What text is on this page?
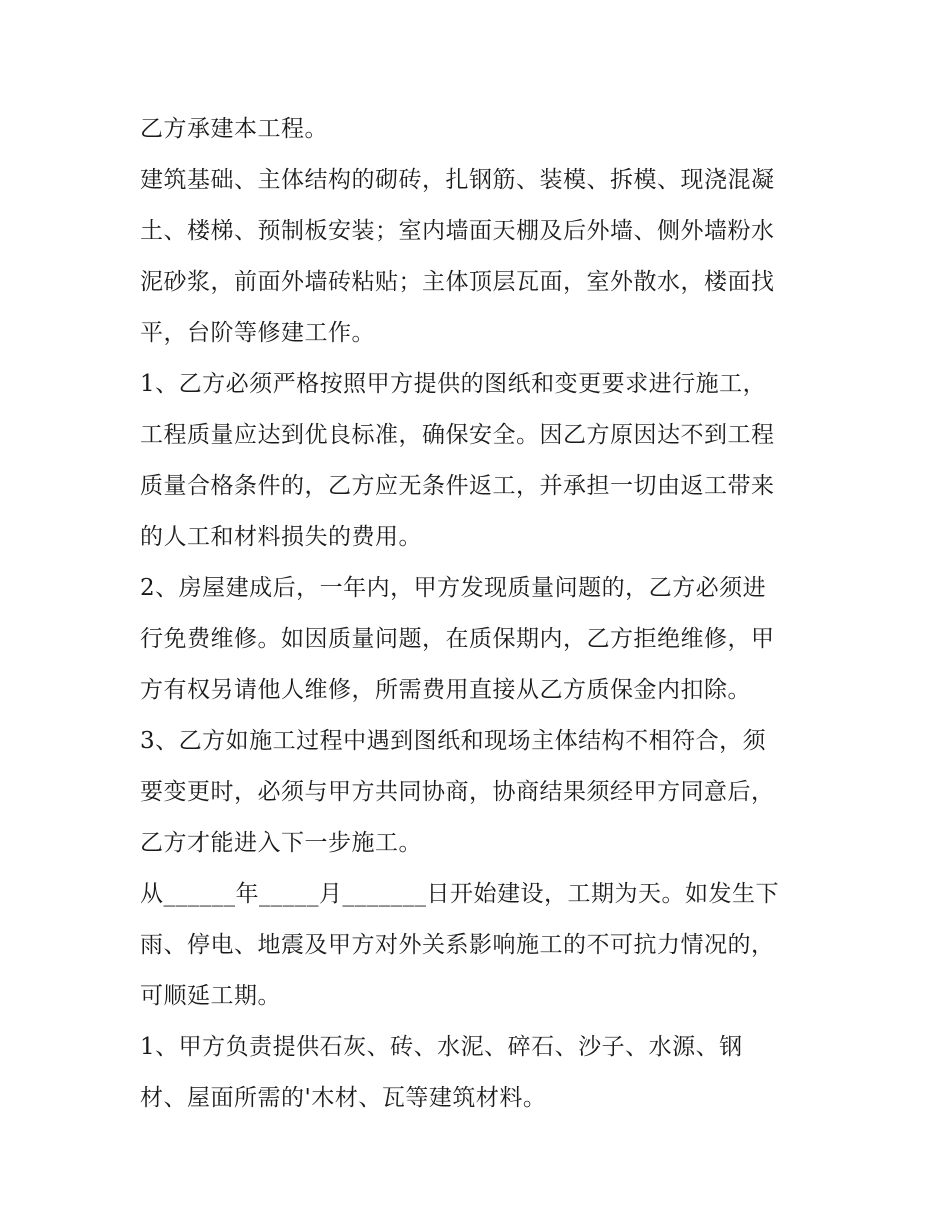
乙方承建本工程。

建筑基础、主体结构的砌砖，扎钢筋、装模、拆模、现浇混凝
土、楼梯、预制板安装；室内墙面天棚及后外墙、侧外墙粉水
泥砂浆，前面外墙砖粘贴；主体顶层瓦面，室外散水，楼面找
平，台阶等修建工作。

1、乙方必须严格按照甲方提供的图纸和变更要求进行施工，
工程质量应达到优良标准，确保安全。因乙方原因达不到工程
质量合格条件的，乙方应无条件返工，并承担一切由返工带来
的人工和材料损失的费用。

2、房屋建成后，一年内，甲方发现质量问题的，乙方必须进
行免费维修。如因质量问题，在质保期内，乙方拒绝维修，甲
方有权另请他人维修，所需费用直接从乙方质保金内扣除。

3、乙方如施工过程中遇到图纸和现场主体结构不相符合，须
要变更时，必须与甲方共同协商，协商结果须经甲方同意后，
乙方才能进入下一步施工。

从______年_____月_______日开始建设，工期为天。如发生下
雨、停电、地震及甲方对外关系影响施工的不可抗力情况的，
可顺延工期。

1、甲方负责提供石灰、砖、水泥、碎石、沙子、水源、钢
材、屋面所需的'木材、瓦等建筑材料。
